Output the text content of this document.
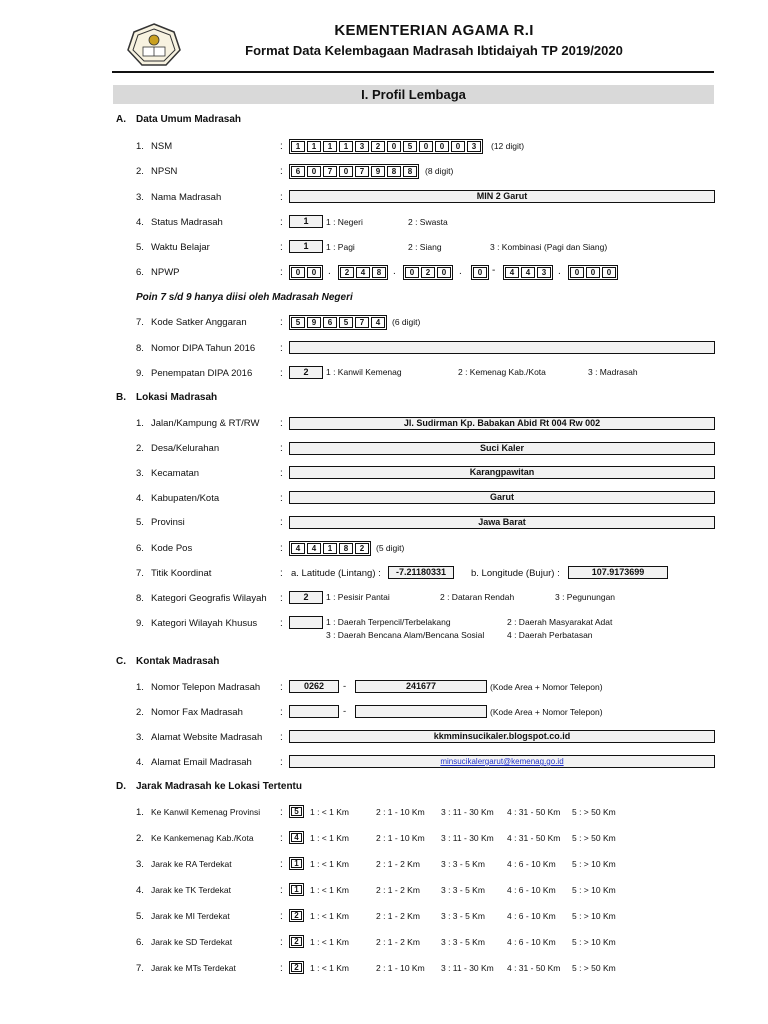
KEMENTERIAN AGAMA R.I
Format Data Kelembagaan Madrasah Ibtidaiyah TP 2019/2020
I. Profil Lembaga
A. Data Umum Madrasah
1. NSM	:	1	1	1	1	3	2	0	5	0	0	0	3	(12 digit)
2. NPSN	:	6	0	7	0	7	9	8	8	(8 digit)
3. Nama Madrasah	:	MIN 2 Garut
4. Status Madrasah	:	1	1 : Negeri	2 : Swasta
5. Waktu Belajar	:	1	1 : Pagi	2 : Siang	3 : Kombinasi (Pagi dan Siang)
6. NPWP	:	0	0	.	2	4	8	.	0	2	0	.	0 -	4	4	3	.	0	0	0
Poin 7 s/d 9 hanya diisi oleh Madrasah Negeri
7. Kode Satker Anggaran	:	5	9	6	5	7	4	(6 digit)
8. Nomor DIPA Tahun 2016 :
9. Penempatan DIPA 2016	:	2	1 : Kanwil Kemenag	2 : Kemenag Kab./Kota	3 : Madrasah
B. Lokasi Madrasah
1. Jalan/Kampung & RT/RW :	Jl. Sudirman Kp. Babakan Abid Rt 004 Rw 002
2. Desa/Kelurahan	:	Suci Kaler
3. Kecamatan	:	Karangpawitan
4. Kabupaten/Kota	:	Garut
5. Provinsi	:	Jawa Barat
6. Kode Pos	:	4	4	1	8	2	(5 digit)
7. Titik Koordinat	: a. Latitude (Lintang) :	-7.21180331	b. Longitude (Bujur) :	107.9173699
8. Kategori Geografis Wilayah :	2	1 : Pesisir Pantai	2 : Dataran Rendah	3 : Pegunungan
9. Kategori Wilayah Khusus :	1 : Daerah Terpencil/Terbelakang	2 : Daerah Masyarakat Adat
3 : Daerah Bencana Alam/Bencana Sosial	4 : Daerah Perbatasan
C. Kontak Madrasah
1. Nomor Telepon Madrasah :	0262	-	241677	(Kode Area + Nomor Telepon)
2. Nomor Fax Madrasah	:	-	(Kode Area + Nomor Telepon)
3. Alamat Website Madrasah :	kkmminsucikaler.blogspot.co.id
4. Alamat Email Madrasah	:	minsucikalergarut@kemenag.go.id
D. Jarak Madrasah ke Lokasi Tertentu
1. Ke Kanwil Kemenag Provinsi :	5	1 : < 1 Km	2 : 1 - 10 Km 3 : 11 - 30 Km 4 : 31 - 50 Km 5 : > 50 Km
2. Ke Kankemenag Kab./Kota	:	4	1 : < 1 Km	2 : 1 - 10 Km 3 : 11 - 30 Km 4 : 31 - 50 Km 5 : > 50 Km
3. Jarak ke RA Terdekat	:	1	1 : < 1 Km	2 : 1 - 2 Km 3 : 3 - 5 Km	4 : 6 - 10 Km 5 : > 10 Km
4. Jarak ke TK Terdekat	:	1	1 : < 1 Km	2 : 1 - 2 Km 3 : 3 - 5 Km	4 : 6 - 10 Km 5 : > 10 Km
5. Jarak ke MI Terdekat	:	2	1 : < 1 Km	2 : 1 - 2 Km 3 : 3 - 5 Km	4 : 6 - 10 Km 5 : > 10 Km
6. Jarak ke SD Terdekat	:	2	1 : < 1 Km	2 : 1 - 2 Km 3 : 3 - 5 Km	4 : 6 - 10 Km 5 : > 10 Km
7. Jarak ke MTs Terdekat	:	2	1 : < 1 Km	2 : 1 - 10 Km 3 : 11 - 30 Km 4 : 31 - 50 Km 5 : > 50 Km
